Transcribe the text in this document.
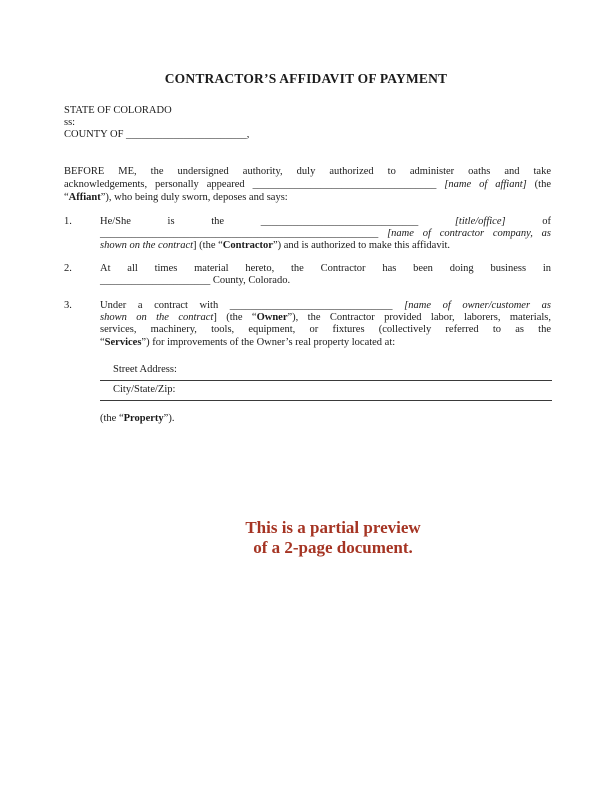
CONTRACTOR’S AFFIDAVIT OF PAYMENT
STATE OF COLORADO
ss:
COUNTY OF _______________________,
BEFORE ME, the undersigned authority, duly authorized to administer oaths and take
acknowledgements, personally appeared ___________________________________ [name of affiant] (the
“Affiant”), who being duly sworn, deposes and says:
1.	He/She is the ______________________________ [title/office] of
_____________________________________________________ [name of contractor company, as
shown on the contract] (the “Contractor”) and is authorized to make this affidavit.
2.	At all times material hereto, the Contractor has been doing business in
_____________________ County, Colorado.
3.	Under a contract with _______________________________ [name of owner/customer as
shown on the contract] (the “Owner”), the Contractor provided labor, laborers, materials,
services, machinery, tools, equipment, or fixtures (collectively referred to as the
“Services”) for improvements of the Owner’s real property located at:
Street Address:
City/State/Zip:
(the “Property”).
This is a partial preview
of a 2-page document.
